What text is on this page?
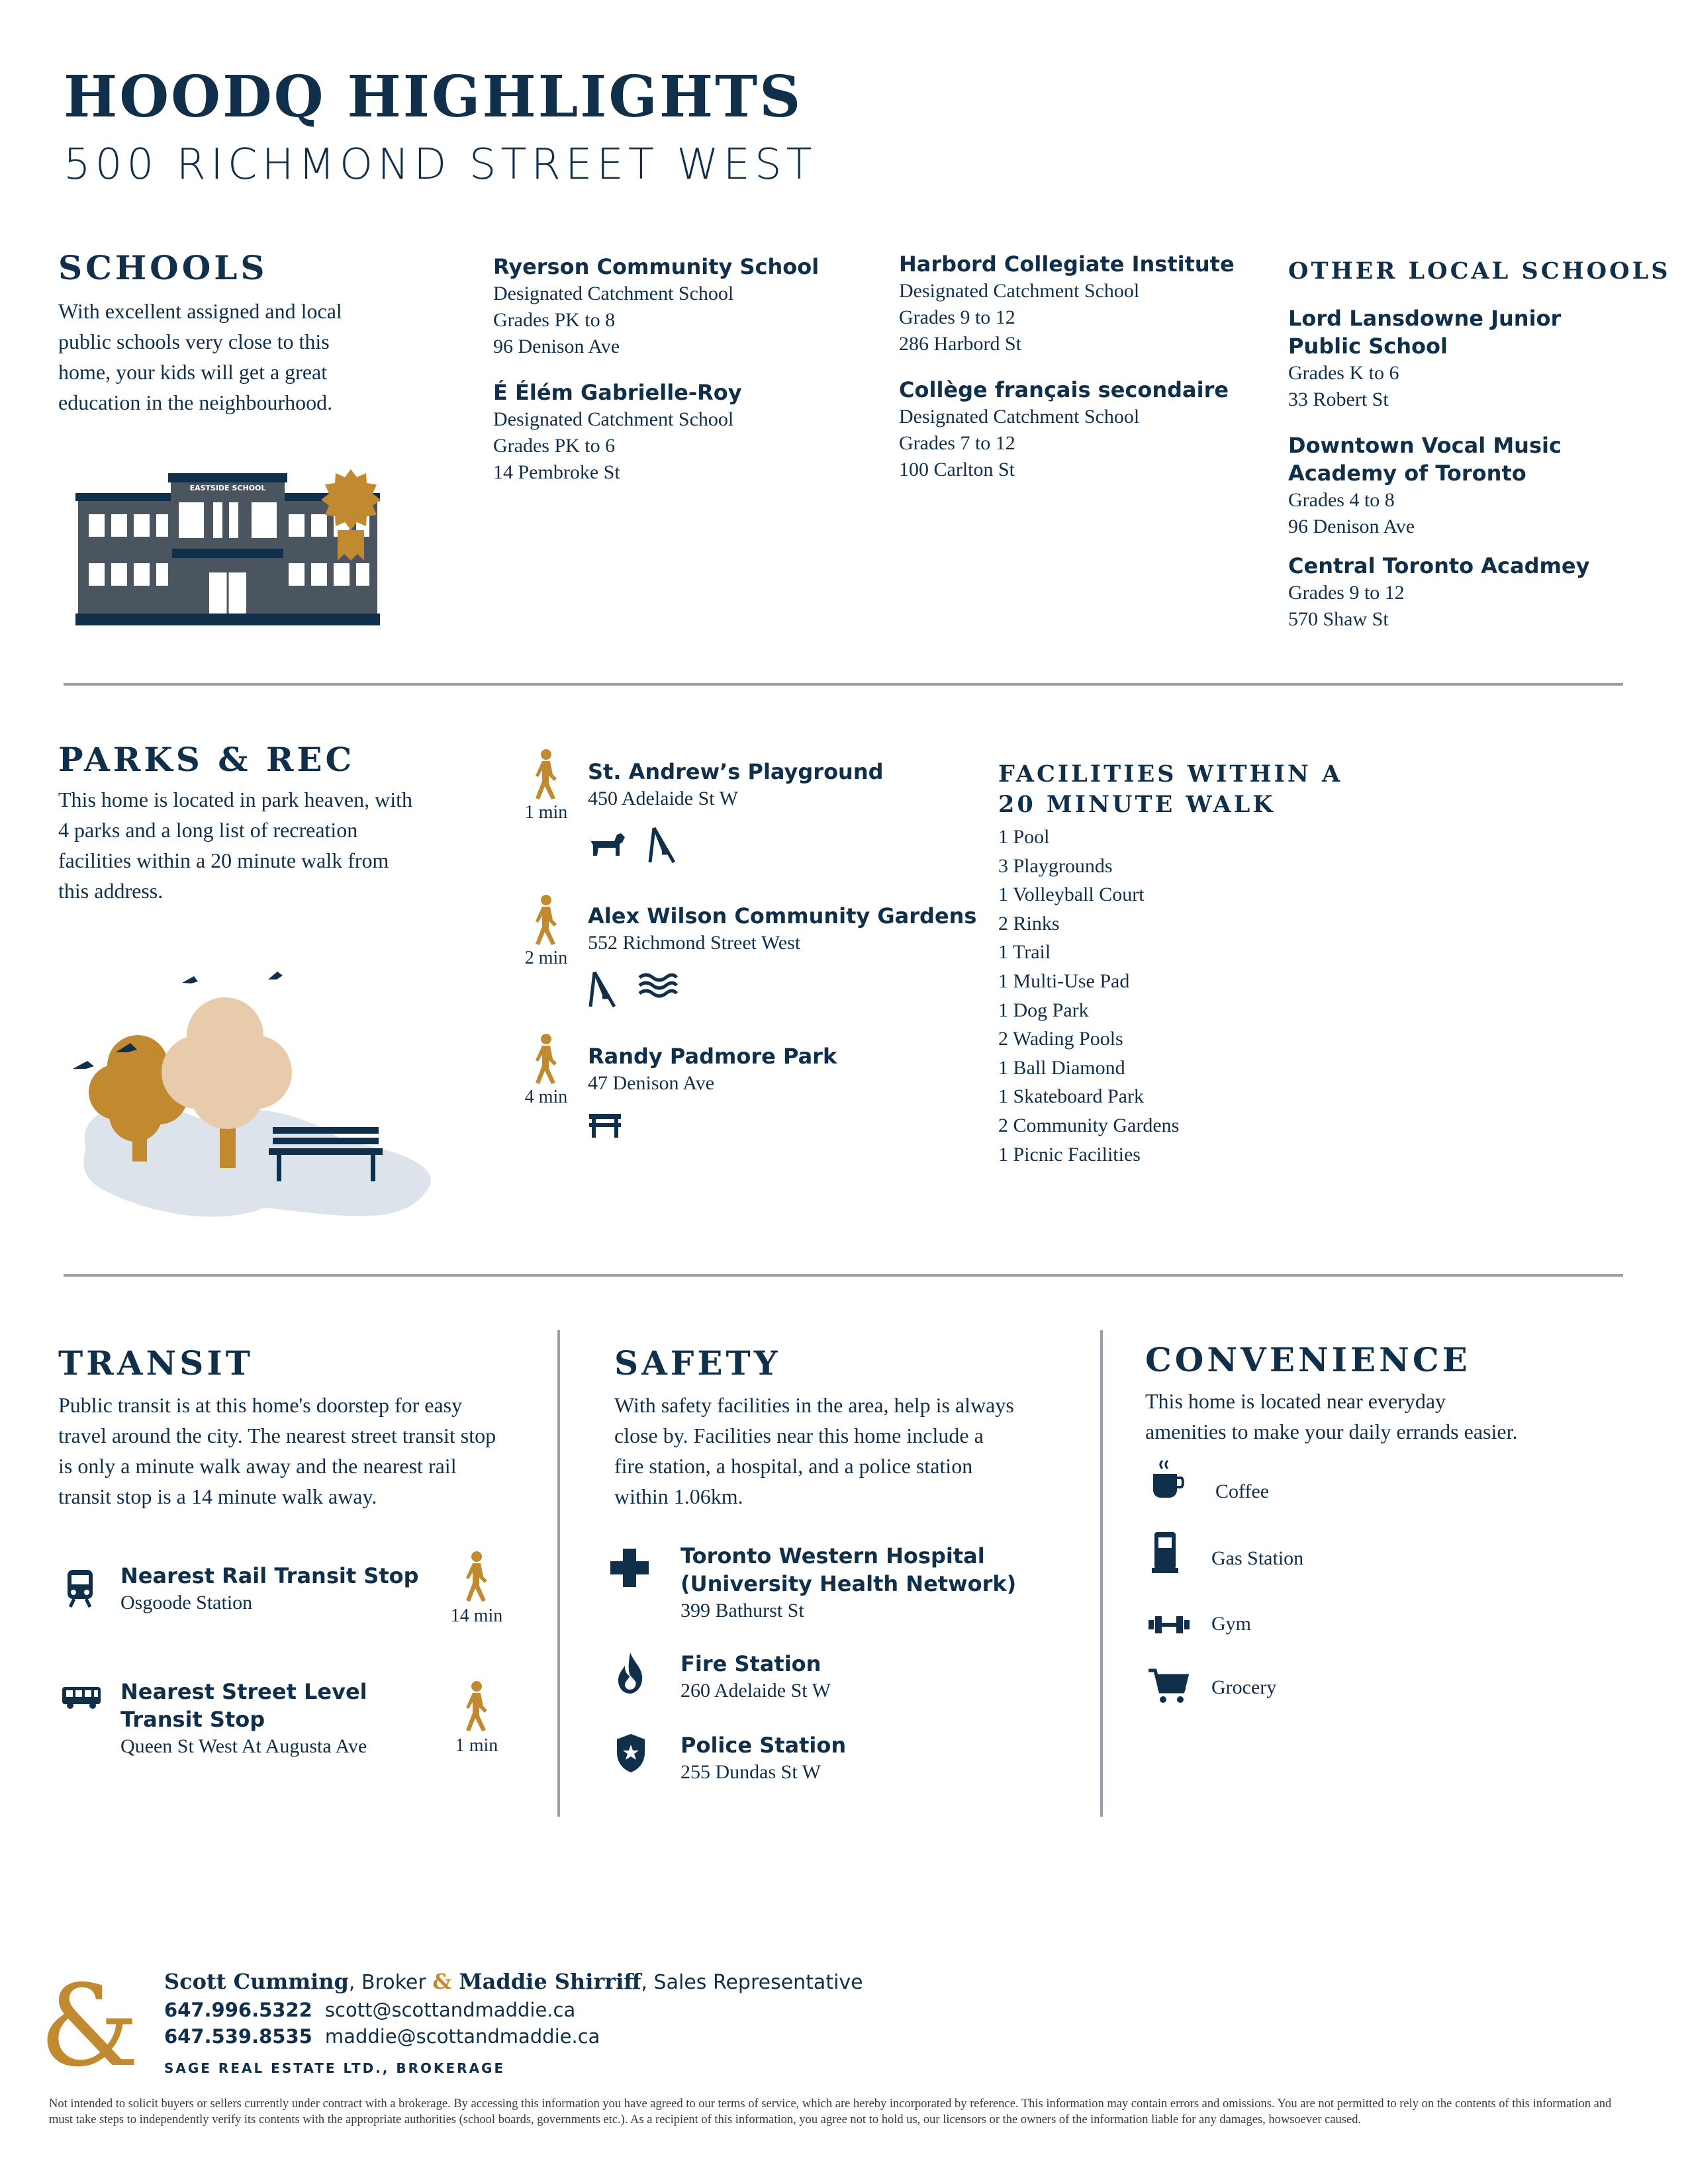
HOODQ HIGHLIGHTS
500 RICHMOND STREET WEST
SCHOOLS
With excellent assigned and local
public schools very close to this
home, your kids will get a great
education in the neighbourhood.
EASTSIDE SCHOOL
Ryerson Community School
Designated Catchment School
Grades PK to 8
96 Denison Ave
É Élém Gabrielle-Roy
Designated Catchment School
Grades PK to 6
14 Pembroke St
Harbord Collegiate Institute
Designated Catchment School
Grades 9 to 12
286 Harbord St
Collège français secondaire
Designated Catchment School
Grades 7 to 12
100 Carlton St
OTHER LOCAL SCHOOLS
Lord Lansdowne Junior
Public School
Grades K to 6
33 Robert St
Downtown Vocal Music
Academy of Toronto
Grades 4 to 8
96 Denison Ave
Central Toronto Acadmey
Grades 9 to 12
570 Shaw St
PARKS & REC
This home is located in park heaven, with
4 parks and a long list of recreation
facilities within a 20 minute walk from
this address.
1 min
St. Andrew’s Playground
450 Adelaide St W
2 min
Alex Wilson Community Gardens
552 Richmond Street West
4 min
Randy Padmore Park
47 Denison Ave
FACILITIES WITHIN A
20 MINUTE WALK
1 Pool
3 Playgrounds
1 Volleyball Court
2 Rinks
1 Trail
1 Multi-Use Pad
1 Dog Park
2 Wading Pools
1 Ball Diamond
1 Skateboard Park
2 Community Gardens
1 Picnic Facilities
TRANSIT
Public transit is at this home's doorstep for easy
travel around the city. The nearest street transit stop
is only a minute walk away and the nearest rail
transit stop is a 14 minute walk away.
Nearest Rail Transit Stop
Osgoode Station
14 min
Nearest Street Level
Transit Stop
Queen St West At Augusta Ave	1 min
SAFETY
With safety facilities in the area, help is always
close by. Facilities near this home include a
fire station, a hospital, and a police station
within 1.06km.
Toronto Western Hospital
(University Health Network)
399 Bathurst St
Fire Station
260 Adelaide St W
Police Station
255 Dundas St W
CONVENIENCE
This home is located near everyday
amenities to make your daily errands easier.
Coffee
Gas Station
Gym
Grocery
& Scott Cumming, Broker & Maddie Shirriff, Sales Representative
647.996.5322 scott@scottandmaddie.ca
647.539.8535 maddie@scottandmaddie.ca
SAGE REAL ESTATE LTD., BROKERAGE
Not intended to solicit buyers or sellers currently under contract with a brokerage. By accessing this information you have agreed to our terms of service, which are hereby incorporated by reference. This information may contain errors and omissions. You are not permitted to rely on the contents of this information and must take steps to independently verify its contents with the appropriate authorities (school boards, governments etc.). As a recipient of this information, you agree not to hold us, our licensors or the owners of the information liable for any damages, howsoever caused.
